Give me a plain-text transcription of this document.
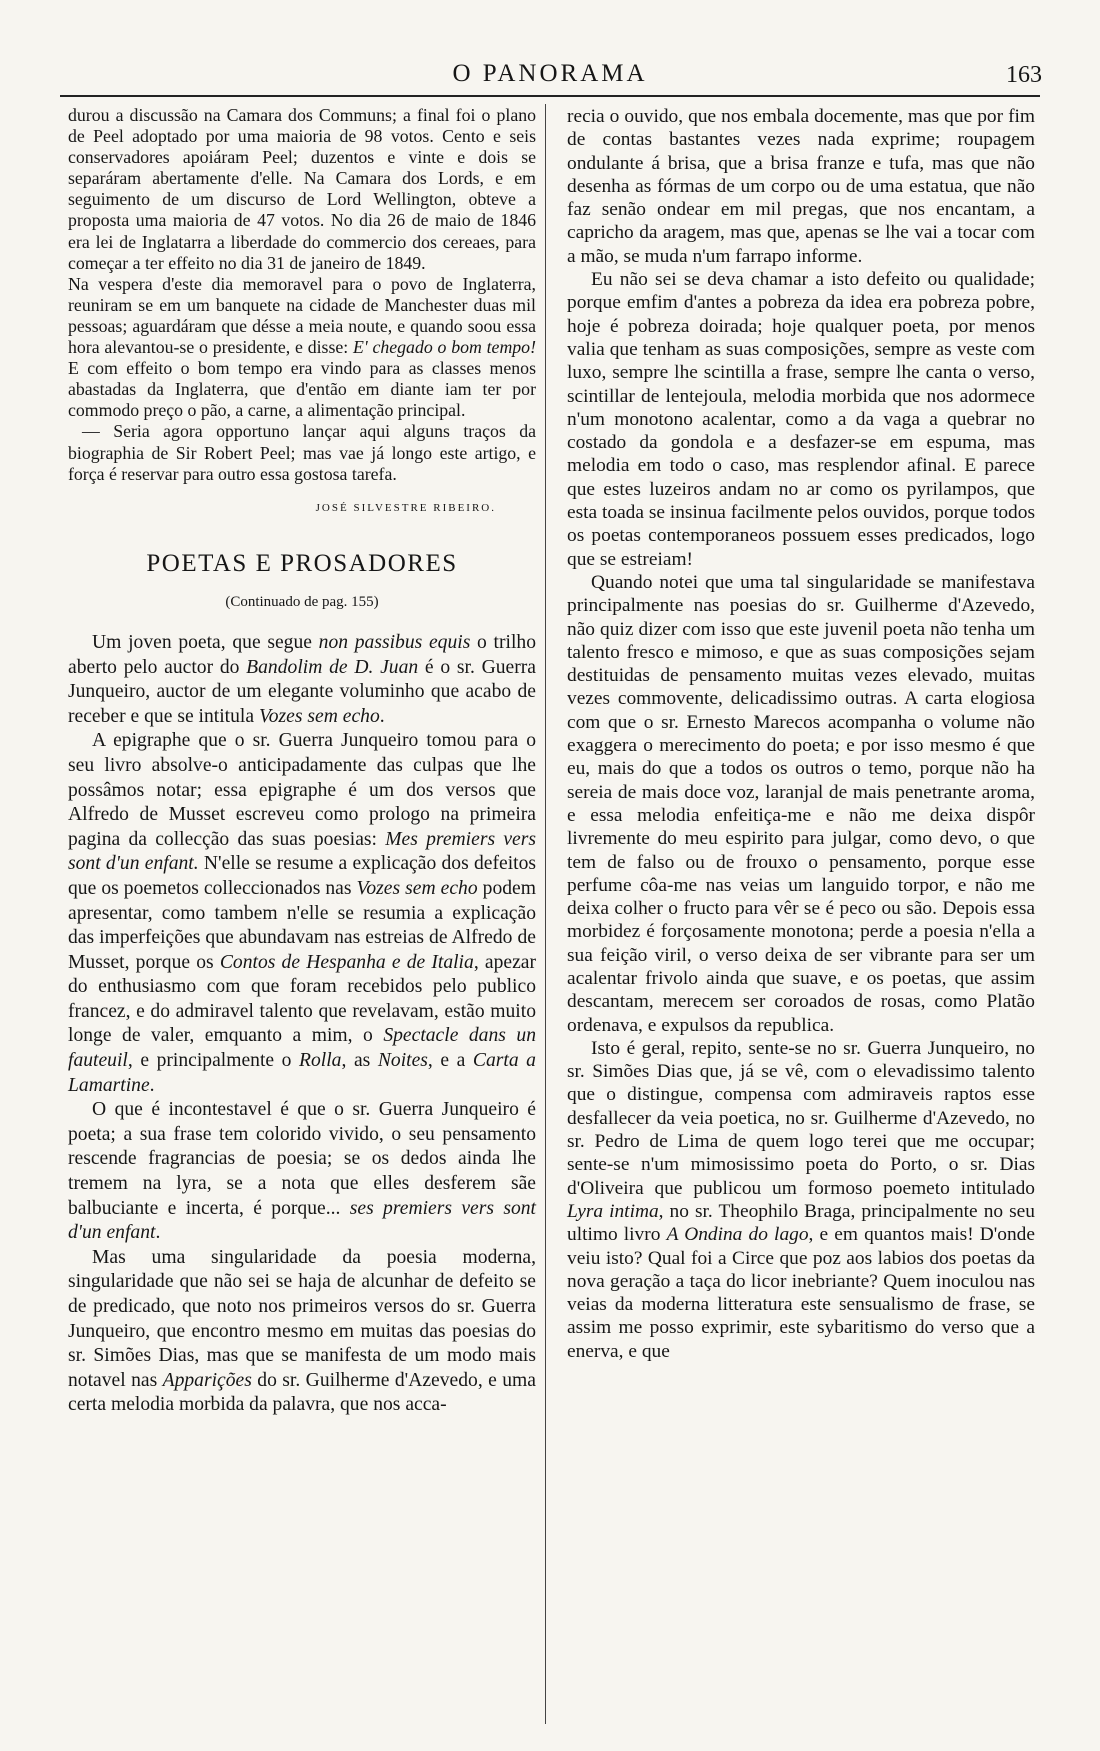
O PANORAMA	163

durou a discussão na Camara dos Communs; a final foi o plano de Peel adoptado por uma maioria de 98 votos. Cento e seis conservadores apoiáram Peel; duzentos e vinte e dois se separáram abertamente d'elle. Na Camara dos Lords, e em seguimento de um discurso de Lord Wellington, obteve a proposta uma maioria de 47 votos. No dia 26 de maio de 1846 era lei de Inglatarra a liberdade do commercio dos cereaes, para começar a ter effeito no dia 31 de janeiro de 1849.

Na vespera d'este dia memoravel para o povo de Inglaterra, reuniram se em um banquete na cidade de Manchester duas mil pessoas; aguardáram que désse a meia noute, e quando soou essa hora alevantou-se o presidente, e disse: E' chegado o bom tempo! E com effeito o bom tempo era vindo para as classes menos abastadas da Inglaterra, que d'então em diante iam ter por commodo preço o pão, a carne, a alimentação principal.

— Seria agora opportuno lançar aqui alguns traços da biographia de Sir Robert Peel; mas vae já longo este artigo, e força é reservar para outro essa gostosa tarefa.

JOSÉ SILVESTRE RIBEIRO.
POETAS E PROSADORES
(Continuado de pag. 155)

Um joven poeta, que segue non passibus equis o trilho aberto pelo auctor do Bandolim de D. Juan é o sr. Guerra Junqueiro, auctor de um elegante voluminho que acabo de receber e que se intitula Vozes sem echo.

A epigraphe que o sr. Guerra Junqueiro tomou para o seu livro absolve-o anticipadamente das culpas que lhe possâmos notar; essa epigraphe é um dos versos que Alfredo de Musset escreveu como prologo na primeira pagina da collecção das suas poesias: Mes premiers vers sont d'un enfant. N'elle se resume a explicação dos defeitos que os poemetos colleccionados nas Vozes sem echo podem apresentar, como tambem n'elle se resumia a explicação das imperfeições que abundavam nas estreias de Alfredo de Musset, porque os Contos de Hespanha e de Italia, apezar do enthusiasmo com que foram recebidos pelo publico francez, e do admiravel talento que revelavam, estão muito longe de valer, emquanto a mim, o Spectacle dans un fauteuil, e principalmente o Rolla, as Noites, e a Carta a Lamartine.

O que é incontestavel é que o sr. Guerra Junqueiro é poeta; a sua frase tem colorido vivido, o seu pensamento rescende fragrancias de poesia; se os dedos ainda lhe tremem na lyra, se a nota que elles desferem sãe balbuciante e incerta, é porque... ses premiers vers sont d'un enfant.

Mas uma singularidade da poesia moderna, singularidade que não sei se haja de alcunhar de defeito se de predicado, que noto nos primeiros versos do sr. Guerra Junqueiro, que encontro mesmo em muitas das poesias do sr. Simões Dias, mas que se manifesta de um modo mais notavel nas Apparições do sr. Guilherme d'Azevedo, e uma certa melodia morbida da palavra, que nos acca-

recia o ouvido, que nos embala docemente, mas que por fim de contas bastantes vezes nada exprime; roupagem ondulante á brisa, que a brisa franze e tufa, mas que não desenha as fórmas de um corpo ou de uma estatua, que não faz senão ondear em mil pregas, que nos encantam, a capricho da aragem, mas que, apenas se lhe vai a tocar com a mão, se muda n'um farrapo informe.

Eu não sei se deva chamar a isto defeito ou qualidade; porque emfim d'antes a pobreza da idea era pobreza pobre, hoje é pobreza doirada; hoje qualquer poeta, por menos valia que tenham as suas composições, sempre as veste com luxo, sempre lhe scintilla a frase, sempre lhe canta o verso, scintillar de lentejoula, melodia morbida que nos adormece n'um monotono acalentar, como a da vaga a quebrar no costado da gondola e a desfazer-se em espuma, mas melodia em todo o caso, mas resplendor afinal. E parece que estes luzeiros andam no ar como os pyrilampos, que esta toada se insinua facilmente pelos ouvidos, porque todos os poetas contemporaneos possuem esses predicados, logo que se estreiam!

Quando notei que uma tal singularidade se manifestava principalmente nas poesias do sr. Guilherme d'Azevedo, não quiz dizer com isso que este juvenil poeta não tenha um talento fresco e mimoso, e que as suas composições sejam destituidas de pensamento muitas vezes elevado, muitas vezes commovente, delicadissimo outras. A carta elogiosa com que o sr. Ernesto Marecos acompanha o volume não exaggera o merecimento do poeta; e por isso mesmo é que eu, mais do que a todos os outros o temo, porque não ha sereia de mais doce voz, laranjal de mais penetrante aroma, e essa melodia enfeitiça-me e não me deixa dispôr livremente do meu espirito para julgar, como devo, o que tem de falso ou de frouxo o pensamento, porque esse perfume côa-me nas veias um languido torpor, e não me deixa colher o fructo para vêr se é peco ou são. Depois essa morbidez é forçosamente monotona; perde a poesia n'ella a sua feição viril, o verso deixa de ser vibrante para ser um acalentar frivolo ainda que suave, e os poetas, que assim descantam, merecem ser coroados de rosas, como Platão ordenava, e expulsos da republica.

Isto é geral, repito, sente-se no sr. Guerra Junqueiro, no sr. Simões Dias que, já se vê, com o elevadissimo talento que o distingue, compensa com admiraveis raptos esse desfallecer da veia poetica, no sr. Guilherme d'Azevedo, no sr. Pedro de Lima de quem logo terei que me occupar; sente-se n'um mimosissimo poeta do Porto, o sr. Dias d'Oliveira que publicou um formoso poemeto intitulado Lyra intima, no sr. Theophilo Braga, principalmente no seu ultimo livro A Ondina do lago, e em quantos mais! D'onde veiu isto? Qual foi a Circe que poz aos labios dos poetas da nova geração a taça do licor inebriante? Quem inoculou nas veias da moderna litteratura este sensualismo de frase, se assim me posso exprimir, este sybaritismo do verso que a enerva, e que
